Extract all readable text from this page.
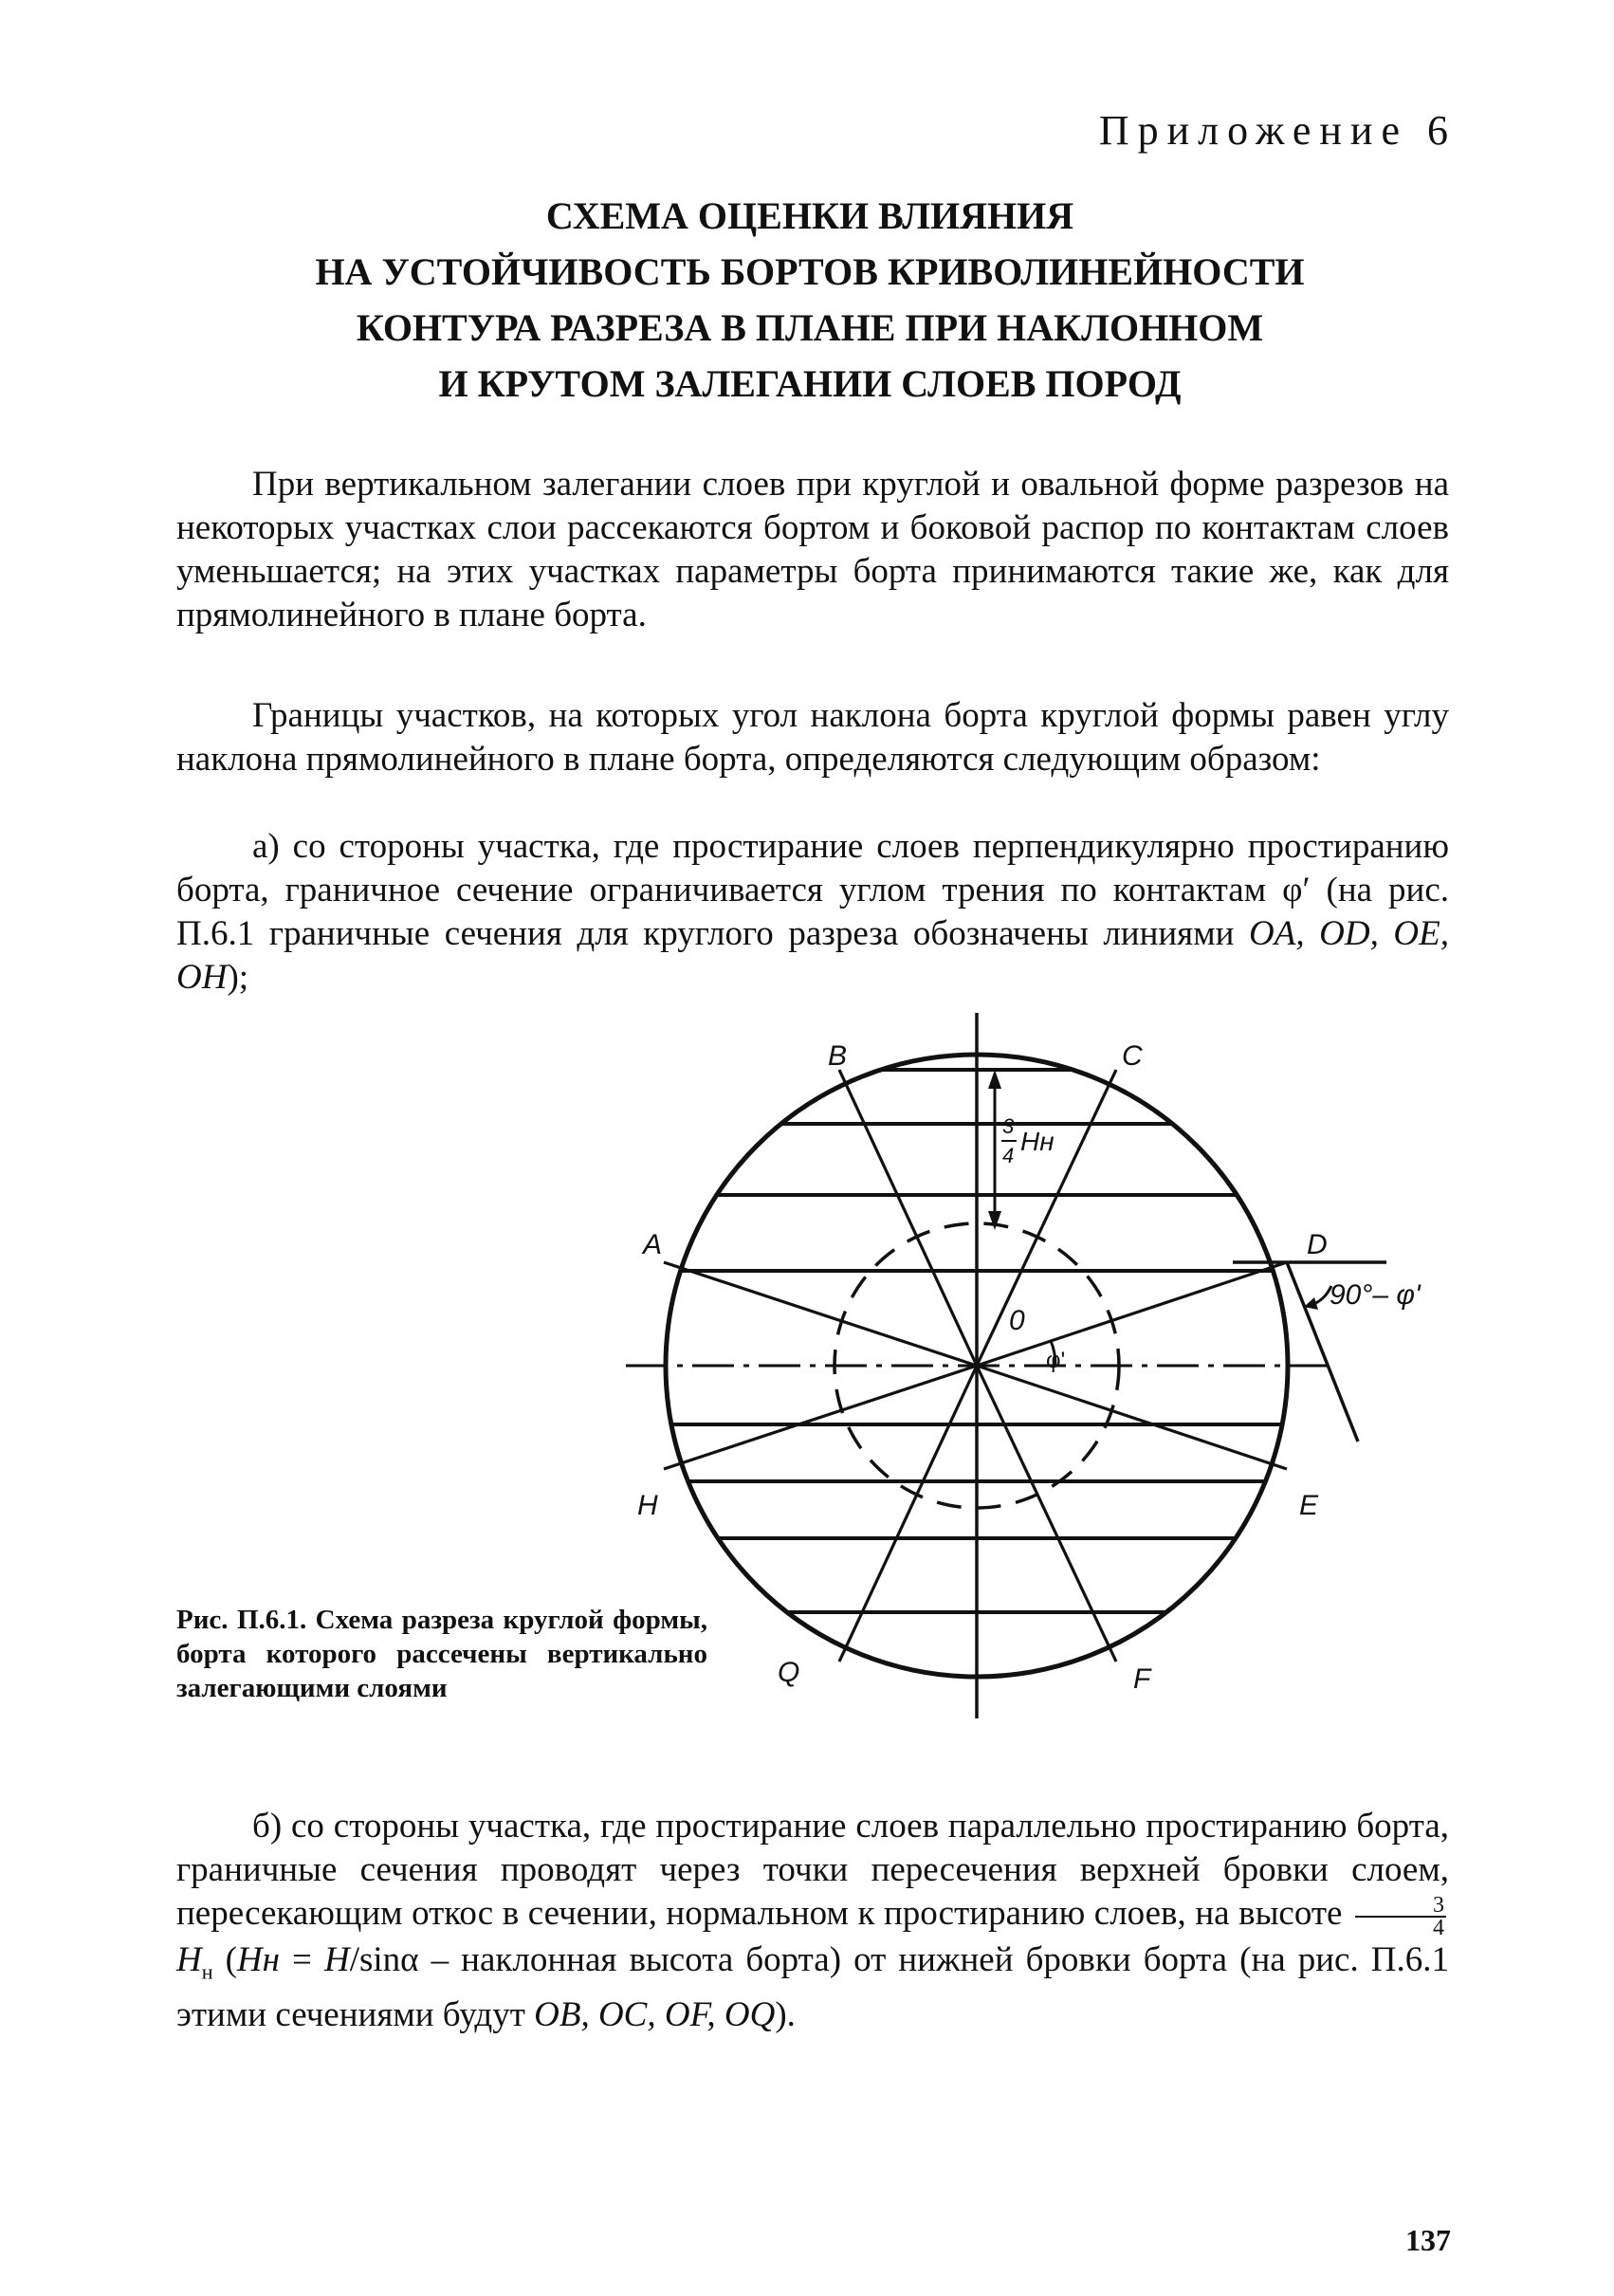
Приложение 6
СХЕМА ОЦЕНКИ ВЛИЯНИЯ
НА УСТОЙЧИВОСТЬ БОРТОВ КРИВОЛИНЕЙНОСТИ
КОНТУРА РАЗРЕЗА В ПЛАНЕ ПРИ НАКЛОННОМ
И КРУТОМ ЗАЛЕГАНИИ СЛОЕВ ПОРОД

При вертикальном залегании слоев при круглой и овальной форме разрезов на некоторых участках слои рассекаются бортом и боковой распор по контактам слоев уменьшается; на этих участках параметры борта принимаются такие же, как для прямолинейного в плане борта.

Границы участков, на которых угол наклона борта круглой формы равен углу наклона прямолинейного в плане борта, определяются следующим образом:

а) со стороны участка, где простирание слоев перпендикулярно простиранию борта, граничное сечение ограничивается углом трения по контактам φ′ (на рис. П.6.1 граничные сечения для круглого разреза обозначены линиями OA, OD, OE, OH);

B	C
A	D
0
H	E
Q	F
φ'
90°– φ'
3
4 Hн
Рис. П.6.1. Схема разреза круглой формы, борта которого рассечены вертикально залегающими слоями

б) со стороны участка, где простирание слоев параллельно простиранию борта, граничные сечения проводят через точки пересечения верхней бровки слоем, пересекающим откос в сечении, нормальном к простиранию слоев, на высоте $\frac{3}{4}$
$H_н$ (Hн = H/sinα – наклонная высота борта) от нижней бровки борта (на рис. П.6.1 этими сечениями будут OB, OC, OF, OQ).

137
